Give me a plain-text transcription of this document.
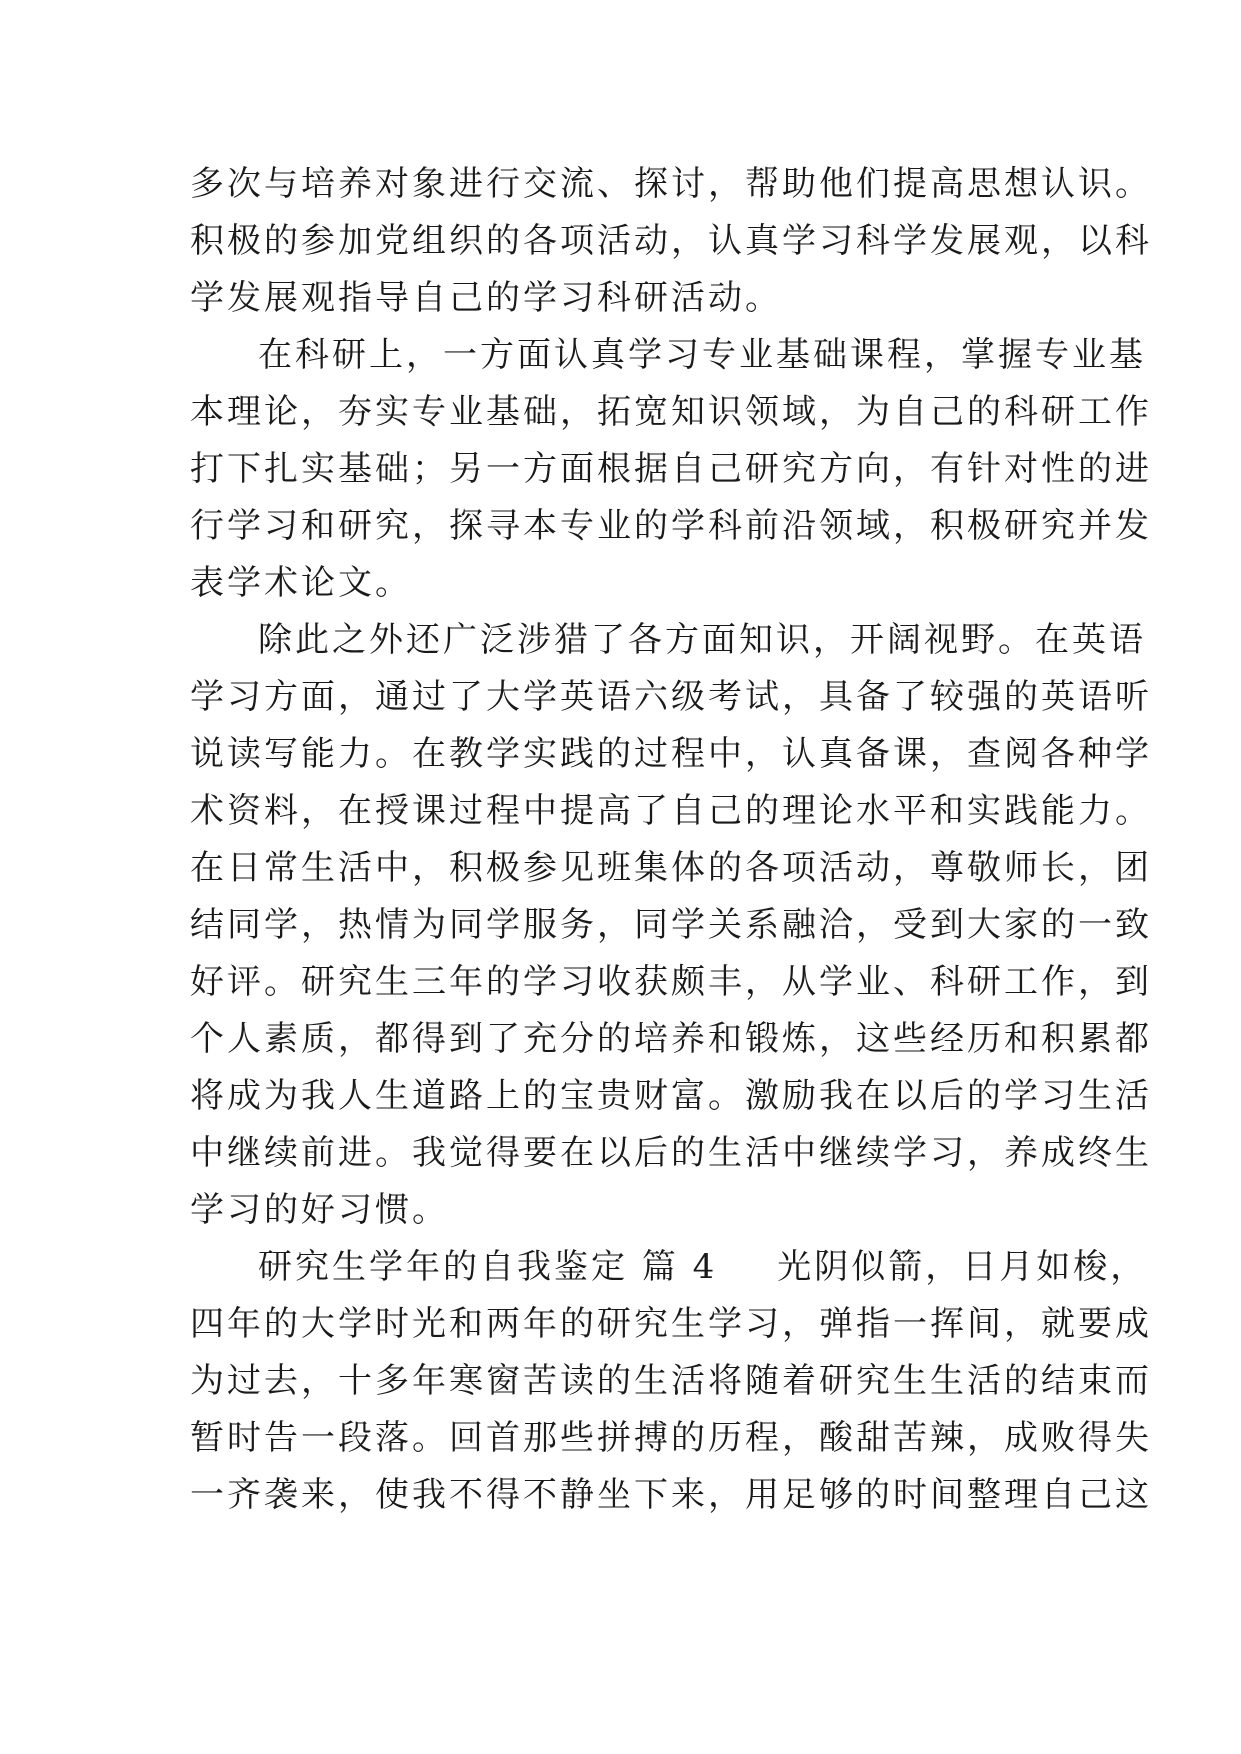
多次与培养对象进行交流、探讨，帮助他们提高思想认识。
积极的参加党组织的各项活动，认真学习科学发展观，以科
学发展观指导自己的学习科研活动。
在科研上，一方面认真学习专业基础课程，掌握专业基
本理论，夯实专业基础，拓宽知识领域，为自己的科研工作
打下扎实基础；另一方面根据自己研究方向，有针对性的进
行学习和研究，探寻本专业的学科前沿领域，积极研究并发
表学术论文。
除此之外还广泛涉猎了各方面知识，开阔视野。在英语
学习方面，通过了大学英语六级考试，具备了较强的英语听
说读写能力。在教学实践的过程中，认真备课，查阅各种学
术资料，在授课过程中提高了自己的理论水平和实践能力。
在日常生活中，积极参见班集体的各项活动，尊敬师长，团
结同学，热情为同学服务，同学关系融洽，受到大家的一致
好评。研究生三年的学习收获颇丰，从学业、科研工作，到
个人素质，都得到了充分的培养和锻炼，这些经历和积累都
将成为我人生道路上的宝贵财富。激励我在以后的学习生活
中继续前进。我觉得要在以后的生活中继续学习，养成终生
学习的好习惯。
研究生学年的自我鉴定 篇 4 光阴似箭，日月如梭，
四年的大学时光和两年的研究生学习，弹指一挥间，就要成
为过去，十多年寒窗苦读的生活将随着研究生生活的结束而
暂时告一段落。回首那些拼搏的历程，酸甜苦辣，成败得失
一齐袭来，使我不得不静坐下来，用足够的时间整理自己这
